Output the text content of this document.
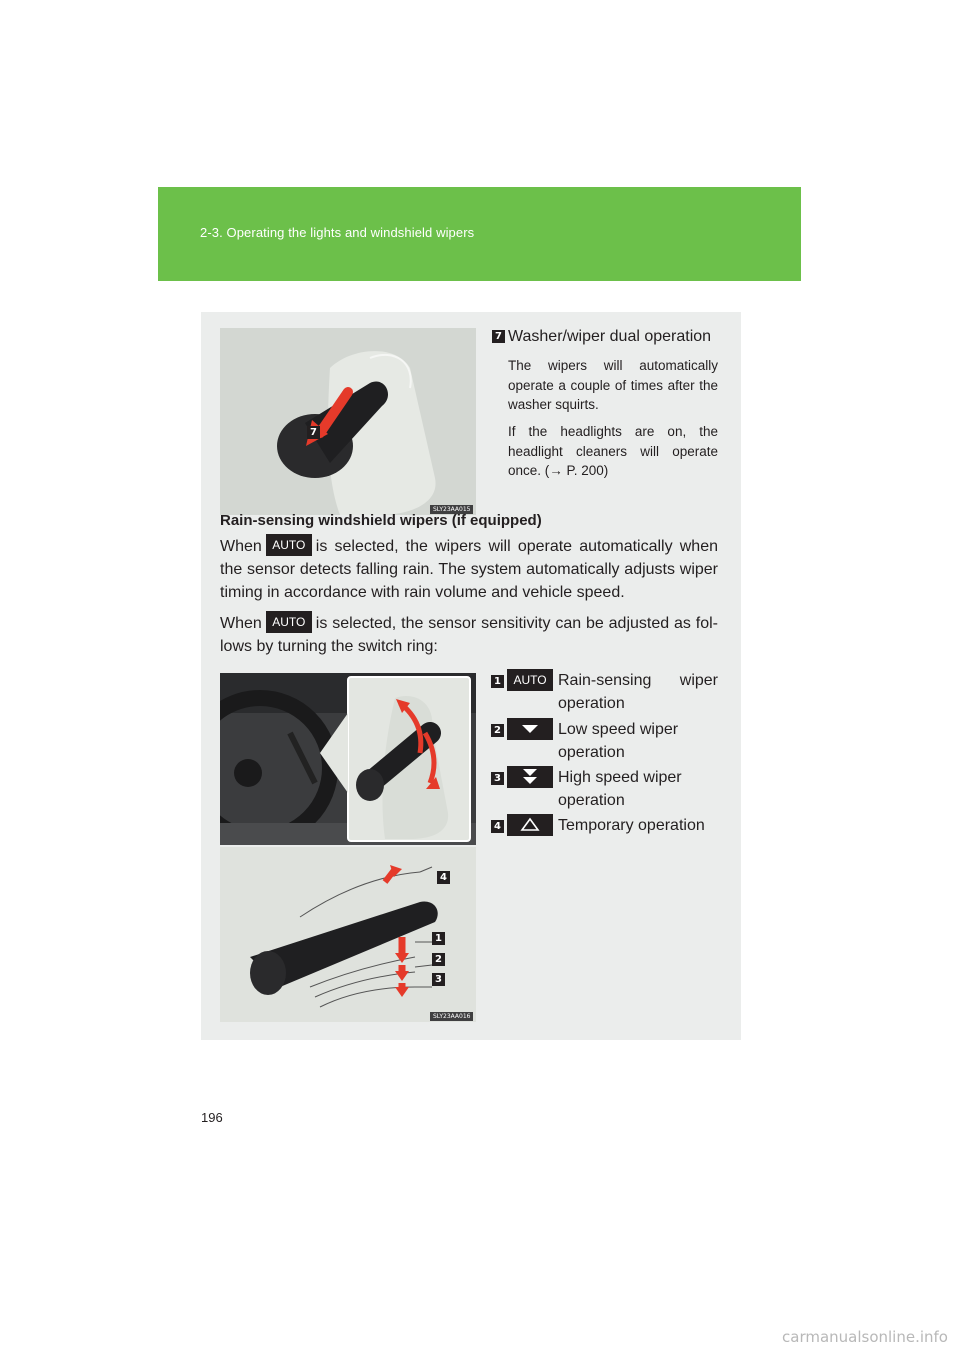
2-3. Operating the lights and windshield wipers
7
SLY23AA015
7 Washer/wiper dual operation
The wipers will automatically operate a couple of times after the washer squirts.
If the headlights are on, the headlight cleaners will operate once. (→ P. 200)
Rain-sensing windshield wipers (if equipped)
When AUTO is selected, the wipers will operate automatically when the sensor detects falling rain. The system automatically adjusts wiper timing in accordance with rain volume and vehicle speed.
When AUTO is selected, the sensor sensitivity can be adjusted as fol- lows by turning the switch ring:
4
1
2
3
SLY23AA016
1	AUTO Rain-sensing wiper operation
2	Low speed wiper operation
3	High speed wiper operation
4	Temporary operation
196
carmanualsonline.info
